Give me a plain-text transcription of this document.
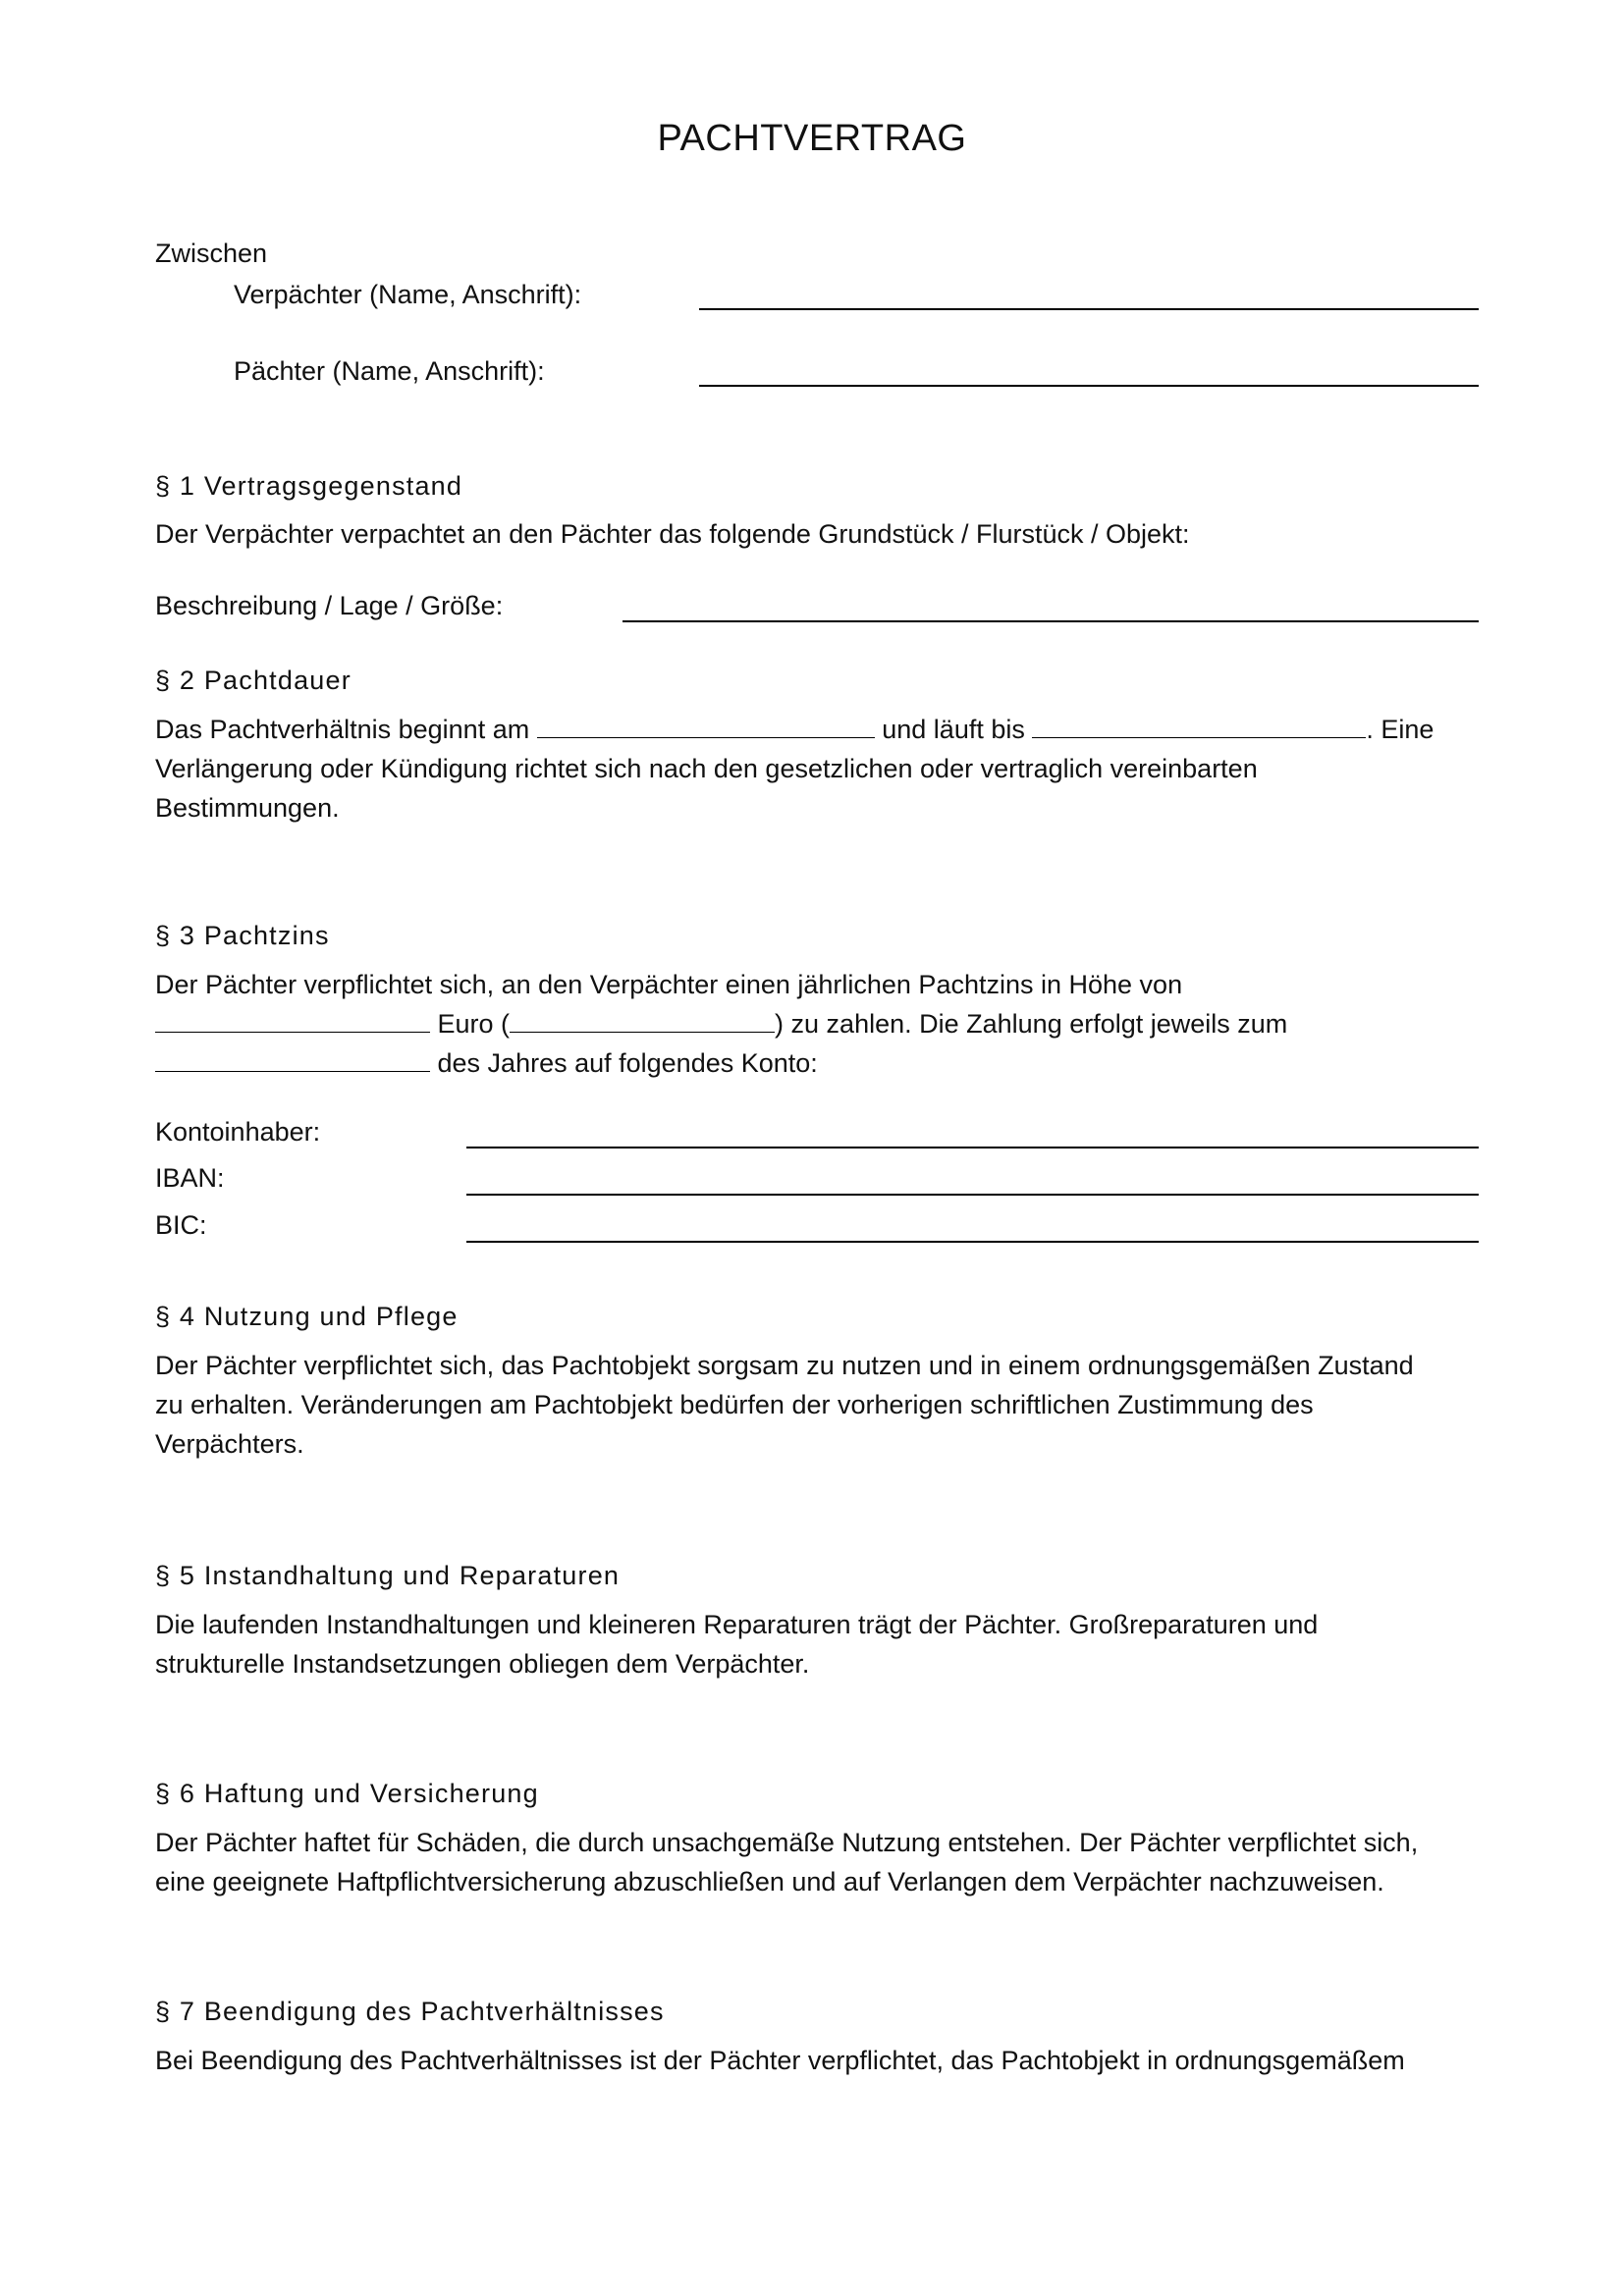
PACHTVERTRAG
Zwischen
Verpächter (Name, Anschrift):
Pächter (Name, Anschrift):
§ 1 Vertragsgegenstand
Der Verpächter verpachtet an den Pächter das folgende Grundstück / Flurstück / Objekt:
Beschreibung / Lage / Größe:
§ 2 Pachtdauer
Das Pachtverhältnis beginnt am	und läuft bis	. Eine
Verlängerung oder Kündigung richtet sich nach den gesetzlichen oder vertraglich vereinbarten
Bestimmungen.
§ 3 Pachtzins
Der Pächter verpflichtet sich, an den Verpächter einen jährlichen Pachtzins in Höhe von
Euro (	) zu zahlen. Die Zahlung erfolgt jeweils zum
des Jahres auf folgendes Konto:
Kontoinhaber:
IBAN:
BIC:
§ 4 Nutzung und Pflege
Der Pächter verpflichtet sich, das Pachtobjekt sorgsam zu nutzen und in einem ordnungsgemäßen Zustand
zu erhalten. Veränderungen am Pachtobjekt bedürfen der vorherigen schriftlichen Zustimmung des
Verpächters.
§ 5 Instandhaltung und Reparaturen
Die laufenden Instandhaltungen und kleineren Reparaturen trägt der Pächter. Großreparaturen und
strukturelle Instandsetzungen obliegen dem Verpächter.
§ 6 Haftung und Versicherung
Der Pächter haftet für Schäden, die durch unsachgemäße Nutzung entstehen. Der Pächter verpflichtet sich,
eine geeignete Haftpflichtversicherung abzuschließen und auf Verlangen dem Verpächter nachzuweisen.
§ 7 Beendigung des Pachtverhältnisses
Bei Beendigung des Pachtverhältnisses ist der Pächter verpflichtet, das Pachtobjekt in ordnungsgemäßem
